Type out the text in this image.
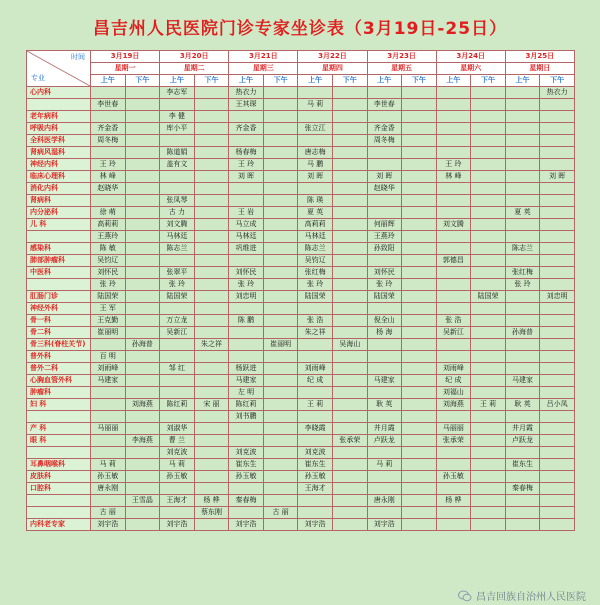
昌吉州人民医院门诊专家坐诊表（3月19日-25日）
时间
专业	3月19日		3月20日		3月21日		3月22日		3月23日		3月24日		3月25日	
	星期一		星期二		星期三		星期四		星期五		星期六		星期日	
	上午	下午	上午	下午	上午	下午	上午	下午	上午	下午	上午	下午	上午	下午
心内科			李志军		热衣力									热衣力
	李世春				王其琛		马 莉		李世春					
老年病科			李 健											
呼吸内科	齐金香		库小平		齐金香		张立江		齐金香					
全科医学科	周冬梅								周冬梅					
肾病风湿科			陈道娟		杨春梅		唐志梅							
神经内科	王 玲		盖有文		王 玲		马 鹏				王 玲			
临床心理科	林 峰				刘 晖		刘 晖		刘 晖		林 峰			刘 晖
消化内科	赵晓华								赵晓华					
肾病科			张凤琴				陈 瑛							
内分泌科	徐 萌		古 力		王 岩		夏 英						夏 英	
儿 科	高莉莉		刘文腾		马立成		高莉莉		何丽辉		刘文腾			
	王燕玲		马林廷		马林廷		马林廷		王燕玲					
感染科	陈 敏		陈志兰		巩维进		陈志兰		孙致阳				陈志兰	
肺部肿瘤科	吴钧辽						吴钧辽				郭德昌			
中医科	刘怀民		张翠平		刘怀民		张红梅		刘怀民				张红梅	
	张 玲		张 玲		张 玲		张 玲		张 玲				张 玲	
肛肠门诊	陆国荣		陆国荣		刘忠明		陆国荣		陆国荣			陆国荣		刘忠明
神经外科	王 军													
骨一科	王克勤		万立龙		陈 鹏		张 浩		倪全山		张 浩			
骨二科	崔丽明		吴新江				朱之祥		杨 海		吴新江		孙海普	
骨三科(脊柱关节)		孙海普		朱之祥		崔丽明		吴海山						
普外科	百 明													
普外二科	刘雨峰		邹 红		杨跃进		刘雨峰				刘雨峰			
心胸血管外科	马建家				马建家		纪 成		马建家		纪 成		马建家	
肿瘤科					左 明						刘福山			
妇 科		刘海燕	陈红莉	宋 丽	陈红莉		王 莉		耿 英		刘海燕	王 莉	耿 英	吕小凤
					刘书鹏									
产 科	马丽丽		刘淑华				李晓霞		井月霞		马丽丽		井月霞	
眼 科		李海燕	曹 兰					张承荣	卢跃龙		张承荣		卢跃龙	
			刘克波		刘克波		刘克波							
耳鼻咽喉科	马 莉		马 莉		崔东生		崔东生		马 莉				崔东生	
皮肤科	孙玉敏		孙玉敏		孙玉敏		孙玉敏				孙玉敏			
口腔科	唐永刚						王海才						秦春梅	
		王雪晶	王海才	杨 桦	秦春梅				唐永刚		杨 桦			
	古 丽			蔡东刚		古 丽								
内科老专家	刘宇浩		刘宇浩		刘宇浩		刘宇浩		刘宇浩					
昌吉回族自治州人民医院
